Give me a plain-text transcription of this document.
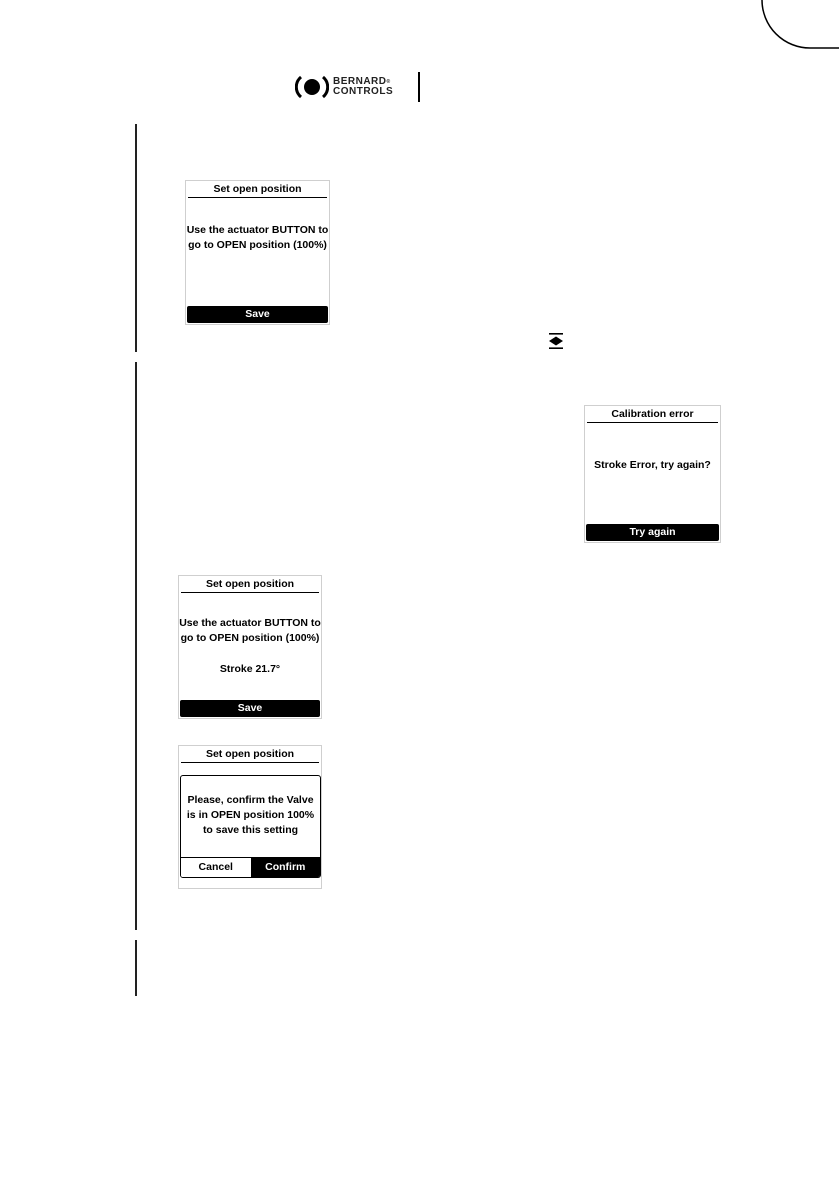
BERNARD®
CONTROLS
Set open position
Use the actuator BUTTON to
go to OPEN position (100%)
Save
Calibration error
Stroke Error, try again?
Try again
Set open position
Use the actuator BUTTON to
go to OPEN position (100%)
Stroke 21.7°
Save
Set open position
Please, confirm the Valve
is in OPEN position 100%
to save this setting
Cancel	Confirm
